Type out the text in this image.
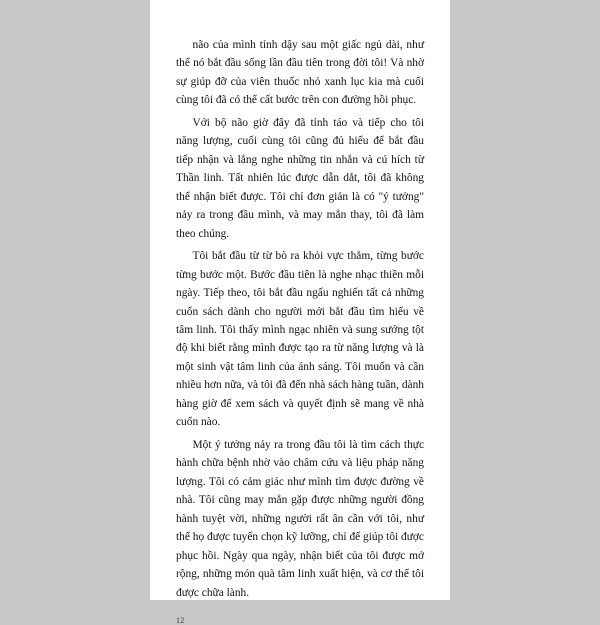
não của mình tỉnh dậy sau một giấc ngủ dài, như thể nó bắt đầu sống lần đầu tiên trong đời tôi! Và nhờ sự giúp đỡ của viên thuốc nhỏ xanh lục kia mà cuối cùng tôi đã có thể cất bước trên con đường hồi phục.

Với bộ não giờ đây đã tỉnh táo và tiếp cho tôi năng lượng, cuối cùng tôi cũng đủ hiểu để bắt đầu tiếp nhận và lắng nghe những tin nhắn và cú hích từ Thần linh. Tất nhiên lúc được dẫn dắt, tôi đã không thể nhận biết được. Tôi chỉ đơn giản là có "ý tưởng" nảy ra trong đầu mình, và may mắn thay, tôi đã làm theo chúng.

Tôi bắt đầu từ từ bò ra khỏi vực thẳm, từng bước từng bước một. Bước đầu tiên là nghe nhạc thiền mỗi ngày. Tiếp theo, tôi bắt đầu ngấu nghiến tất cả những cuốn sách dành cho người mới bắt đầu tìm hiểu về tâm linh. Tôi thấy mình ngạc nhiên và sung sướng tột độ khi biết rằng mình được tạo ra từ năng lượng và là một sinh vật tâm linh của ánh sáng. Tôi muốn và cần nhiều hơn nữa, và tôi đã đến nhà sách hàng tuần, dành hàng giờ để xem sách và quyết định sẽ mang về nhà cuốn nào.

Một ý tưởng nảy ra trong đầu tôi là tìm cách thực hành chữa bệnh nhờ vào châm cứu và liệu pháp năng lượng. Tôi có cảm giác như mình tìm được đường về nhà. Tôi cũng may mắn gặp được những người đồng hành tuyệt vời, những người rất ân cần với tôi, như thể họ được tuyển chọn kỹ lưỡng, chỉ để giúp tôi được phục hồi. Ngày qua ngày, nhận biết của tôi được mở rộng, những món quà tâm linh xuất hiện, và cơ thể tôi được chữa lành.

12
